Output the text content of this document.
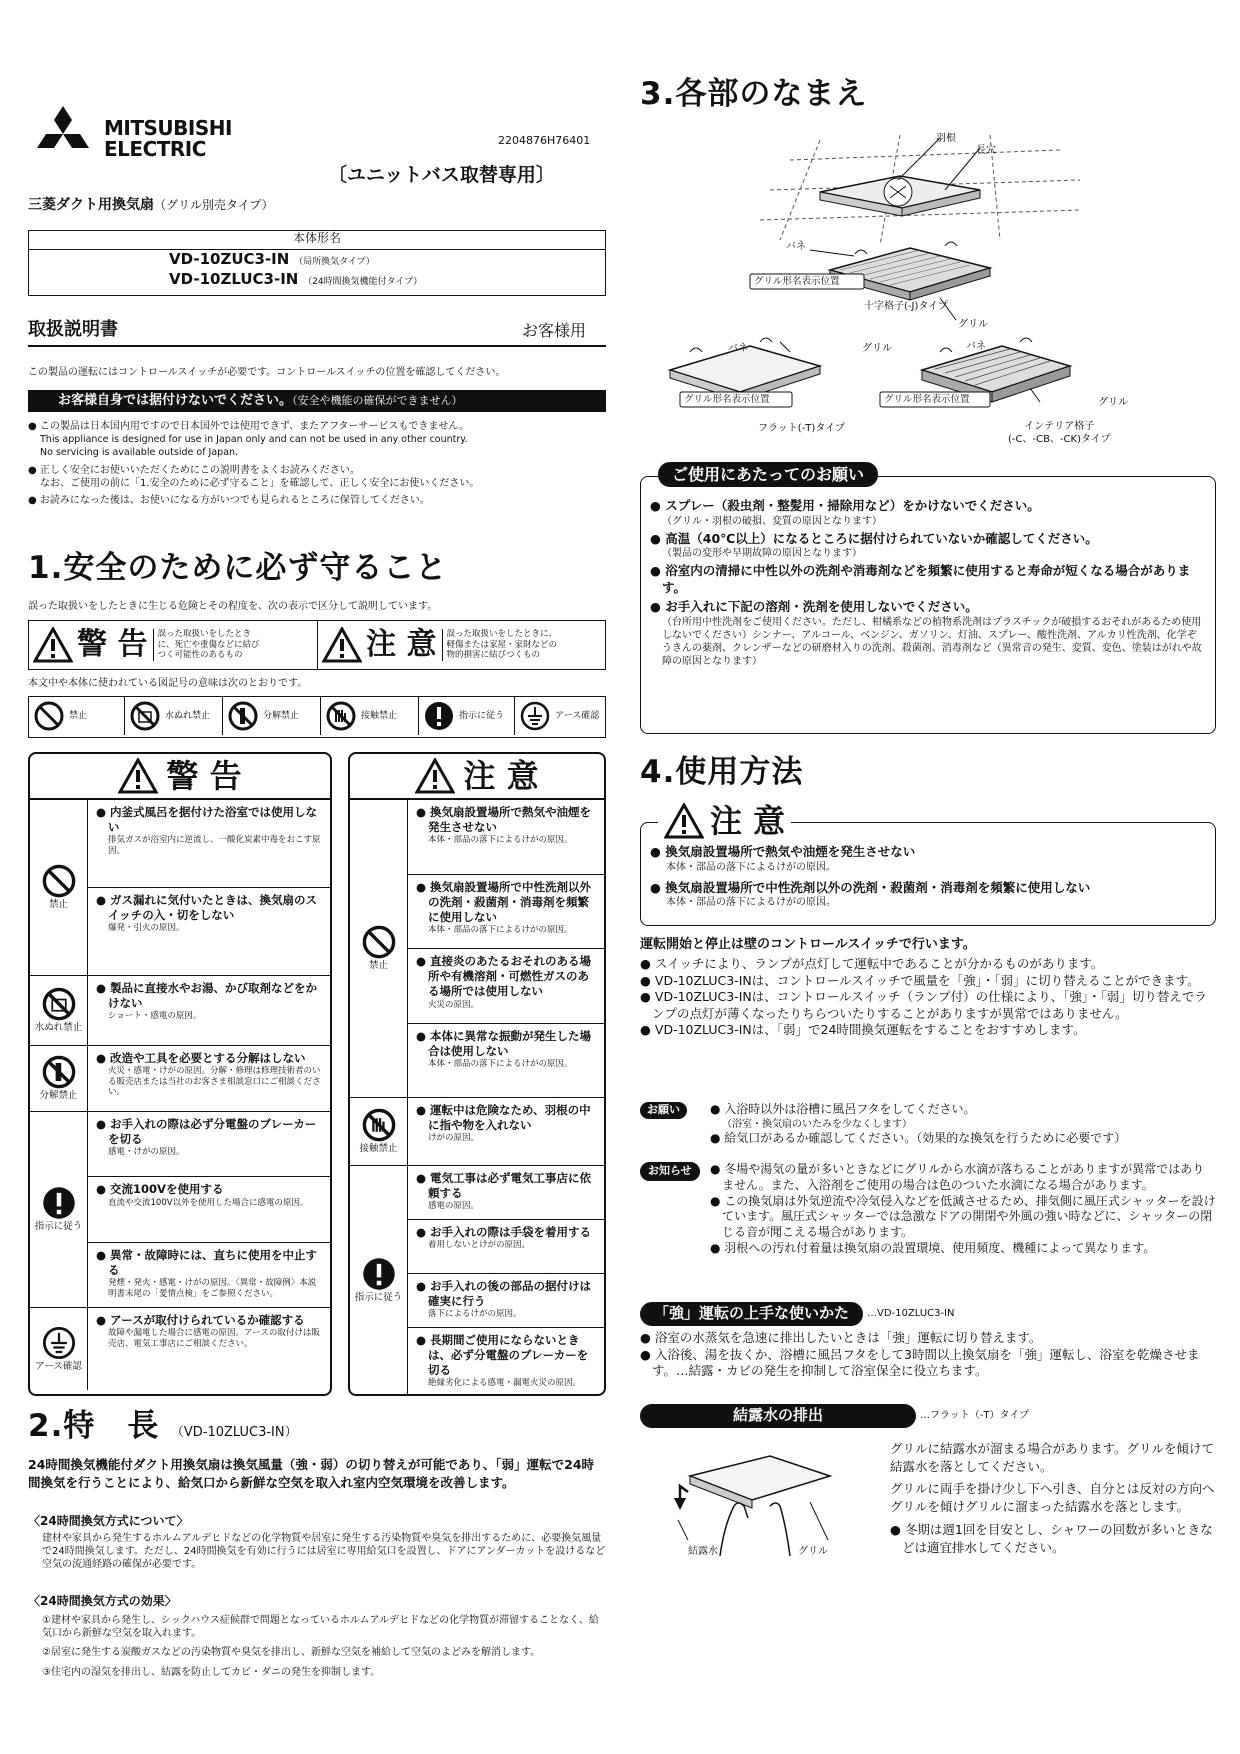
MITSUBISHI
ELECTRIC	2204876H76401
〔ユニットバス取替専用〕
三菱ダクト用換気扇（グリル別売タイプ）
本体形名
VD-10ZUC3-IN （局所換気タイプ）
VD-10ZLUC3-IN （24時間換気機能付タイプ）
取扱説明書	お客様用
この製品の運転にはコントロールスイッチが必要です。コントロールスイッチの位置を確認してください。
お客様自身では据付けないでください。（安全や機能の確保ができません）
● この製品は日本国内用ですので日本国外では使用できず、またアフターサービスもできません。
This appliance is designed for use in Japan only and can not be used in any other country.
No servicing is available outside of Japan.
● 正しく安全にお使いいただくためにこの説明書をよくお読みください。
なお、ご使用の前に「1.安全のために必ず守ること」を確認して、正しく安全にお使いください。
● お読みになった後は、お使いになる方がいつでも見られるところに保管してください。
1.安全のために必ず守ること
誤った取扱いをしたときに生じる危険とその程度を、次の表示で区分して説明しています。
警 告	誤った取扱いをしたときに、死亡や重傷などに結びつく可能性のあるもの	注 意	誤った取扱いをしたときに、軽傷または家屋・家財などの物的損害に結びつくもの
本文中や本体に使われている図記号の意味は次のとおりです。
禁止	水ぬれ禁止	分解禁止	接触禁止	指示に従う	アース確認
警 告
禁止
● 内釜式風呂を据付けた浴室では使用しない
排気ガスが浴室内に逆流し、一酸化炭素中毒をおこす原因。
● ガス漏れに気付いたときは、換気扇のスイッチの入・切をしない
爆発・引火の原因。
水ぬれ禁止
● 製品に直接水やお湯、かび取剤などをかけない
ショート・感電の原因。
分解禁止
● 改造や工具を必要とする分解はしない
火災・感電・けがの原因。分解・修理は修理技術者のいる販売店または当社のお客さま相談窓口にご相談ください。
指示に従う
● お手入れの際は必ず分電盤のブレーカーを切る
感電・けがの原因。
● 交流100Vを使用する
直流や交流100V以外を使用した場合に感電の原因。
● 異常・故障時には、直ちに使用を中止する
発煙・発火・感電・けがの原因。〈異常・故障例〉本説明書末尾の「愛情点検」をご参照ください。
アース確認
● アースが取付けられているか確認する
故障や漏電した場合に感電の原因。アースの取付けは販売店、電気工事店にご相談ください。
注 意
禁止
● 換気扇設置場所で熱気や油煙を発生させない
本体・部品の落下によるけがの原因。
● 換気扇設置場所で中性洗剤以外の洗剤・殺菌剤・消毒剤を頻繁に使用しない
本体・部品の落下によるけがの原因。
● 直接炎のあたるおそれのある場所や有機溶剤・可燃性ガスのある場所では使用しない
火災の原因。
● 本体に異常な振動が発生した場合は使用しない
本体・部品の落下によるけがの原因。
接触禁止
● 運転中は危険なため、羽根の中に指や物を入れない
けがの原因。
指示に従う
● 電気工事は必ず電気工事店に依頼する
感電の原因。
● お手入れの際は手袋を着用する
着用しないとけがの原因。
● お手入れの後の部品の据付けは確実に行う
落下によるけがの原因。
● 長期間ご使用にならないときは、必ず分電盤のブレーカーを切る
絶縁劣化による感電・漏電火災の原因。
2.特　長 （VD-10ZLUC3-IN）
24時間換気機能付ダクト用換気扇は換気風量（強・弱）の切り替えが可能であり、「弱」運転で24時間換気を行うことにより、給気口から新鮮な空気を取入れ室内空気環境を改善します。
〈24時間換気方式について〉
建材や家具から発生するホルムアルデヒドなどの化学物質や居室に発生する汚染物質や臭気を排出するために、必要換気風量で24時間換気します。ただし、24時間換気を有効に行うには居室に専用給気口を設置し、ドアにアンダーカットを設けるなど空気の流通経路の確保が必要です。
〈24時間換気方式の効果〉
①建材や家具から発生し、シックハウス症候群で問題となっているホルムアルデヒドなどの化学物質が滞留することなく、給気口から新鮮な空気を取入れます。
②居室に発生する炭酸ガスなどの汚染物質や臭気を排出し、新鮮な空気を補給して空気のよどみを解消します。
③住宅内の湿気を排出し、結露を防止してカビ・ダニの発生を抑制します。
3.各部のなまえ
羽根
長穴
バネ
グリル
グリル形名表示位置
十字格子(-J)タイプ
バネ	グリル
グリル形名表示位置
フラット(-T)タイプ
バネ
グリル
グリル形名表示位置
インテリア格子
(-C、-CB、-CK)タイプ
ご使用にあたってのお願い
● スプレー（殺虫剤・整髪用・掃除用など）をかけないでください。
（グリル・羽根の破損、変質の原因となります）
● 高温（40℃以上）になるところに据付けられていないか確認してください。
（製品の変形や早期故障の原因となります）
● 浴室内の清掃に中性以外の洗剤や消毒剤などを頻繁に使用すると寿命が短くなる場合があります。
● お手入れに下記の溶剤・洗剤を使用しないでください。
（台所用中性洗剤をご使用ください。ただし、柑橘系などの植物系洗剤はプラスチックが破損するおそれがあるため使用しないでください）シンナー、アルコール、ベンジン、ガソリン、灯油、スプレー、酸性洗剤、アルカリ性洗剤、化学ぞうきんの薬剤、クレンザーなどの研磨材入りの洗剤、殺菌剤、消毒剤など（異常音の発生、変質、変色、塗装はがれや故障の原因となります）
4.使用方法
注 意
● 換気扇設置場所で熱気や油煙を発生させない
本体・部品の落下によるけがの原因。
● 換気扇設置場所で中性洗剤以外の洗剤・殺菌剤・消毒剤を頻繁に使用しない
本体・部品の落下によるけがの原因。
運転開始と停止は壁のコントロールスイッチで行います。
● スイッチにより、ランプが点灯して運転中であることが分かるものがあります。
● VD-10ZLUC3-INは、コントロールスイッチで風量を「強」・「弱」に切り替えることができます。
● VD-10ZLUC3-INは、コントロールスイッチ（ランプ付）の仕様により、「強」・「弱」切り替えでランプの点灯が薄くなったりちらついたりすることがありますが異常ではありません。
● VD-10ZLUC3-INは、「弱」で24時間換気運転をすることをおすすめします。
お願い	● 入浴時以外は浴槽に風呂フタをしてください。
（浴室・換気扇のいたみを少なくします）
● 給気口があるか確認してください。（効果的な換気を行うために必要です）
お知らせ	● 冬場や湯気の量が多いときなどにグリルから水滴が落ちることがありますが異常ではありません。また、入浴剤をご使用の場合は色のついた水滴になる場合があります。
● この換気扇は外気逆流や冷気侵入などを低減させるため、排気側に風圧式シャッターを設けています。風圧式シャッターでは急激なドアの開閉や外風の強い時などに、シャッターの閉じる音が聞こえる場合があります。
● 羽根への汚れ付着量は換気扇の設置環境、使用頻度、機種によって異なります。
「強」運転の上手な使いかた	…VD-10ZLUC3-IN
● 浴室の水蒸気を急速に排出したいときは「強」運転に切り替えます。
● 入浴後、湯を抜くか、浴槽に風呂フタをして3時間以上換気扇を「強」運転し、浴室を乾燥させます。…結露・カビの発生を抑制して浴室保全に役立ちます。
結露水の排出	…フラット（-T）タイプ
結露水	グリル
グリルに結露水が溜まる場合があります。グリルを傾けて結露水を落としてください。
グリルに両手を掛け少し下へ引き、自分とは反対の方向へグリルを傾けグリルに溜まった結露水を落とします。
● 冬期は週1回を目安とし、シャワーの回数が多いときなどは適宜排水してください。
